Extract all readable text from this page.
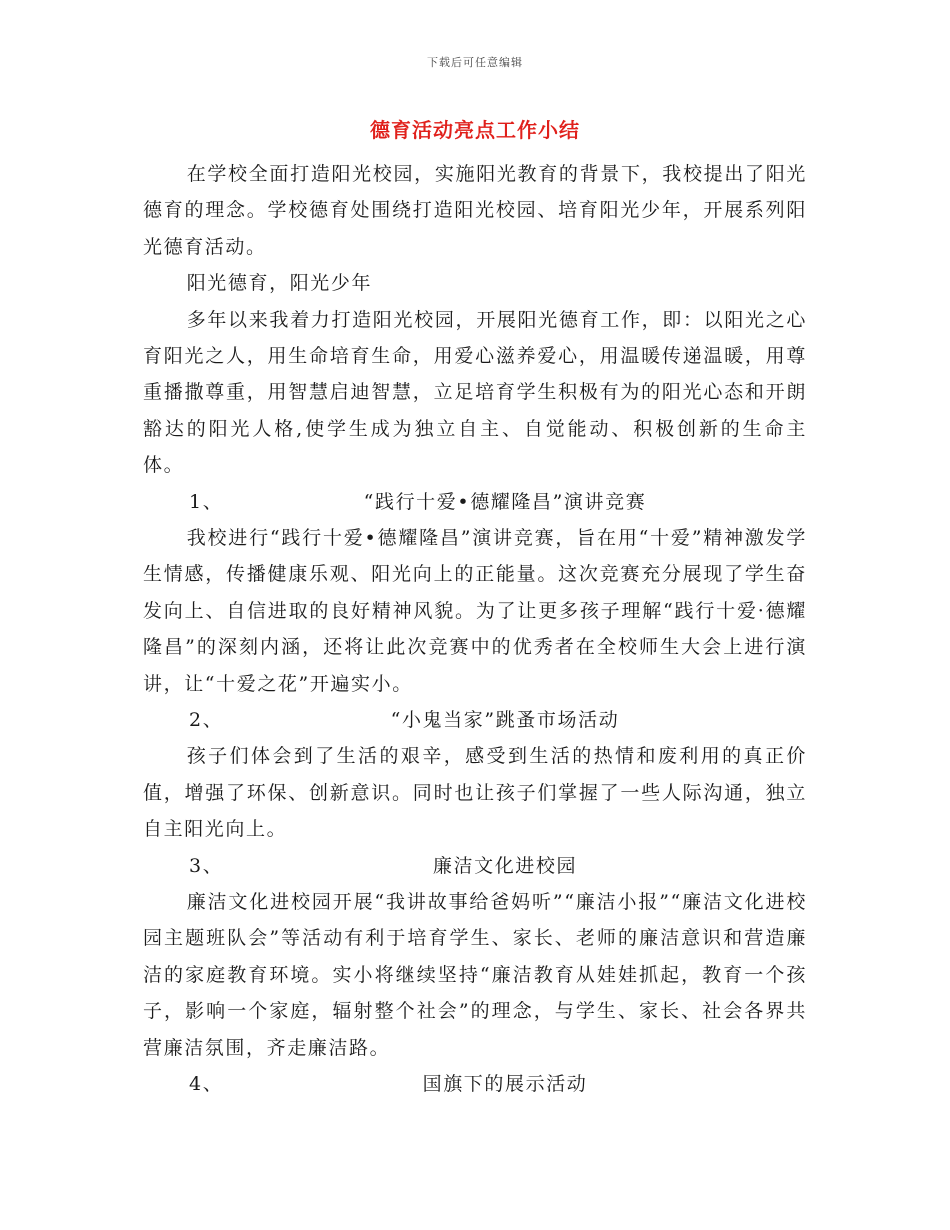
下载后可任意编辑
德育活动亮点工作小结

在学校全面打造阳光校园，实施阳光教育的背景下，我校提出了阳光德育的理念。学校德育处围绕打造阳光校园、培育阳光少年，开展系列阳光德育活动。

阳光德育，阳光少年

多年以来我着力打造阳光校园，开展阳光德育工作，即：以阳光之心育阳光之人，用生命培育生命，用爱心滋养爱心，用温暖传递温暖，用尊重播撒尊重，用智慧启迪智慧，立足培育学生积极有为的阳光心态和开朗豁达的阳光人格,使学生成为独立自主、自觉能动、积极创新的生命主体。

1、	“践行十爱•德耀隆昌”演讲竞赛

我校进行“践行十爱•德耀隆昌”演讲竞赛，旨在用“十爱”精神激发学生情感，传播健康乐观、阳光向上的正能量。这次竞赛充分展现了学生奋发向上、自信进取的良好精神风貌。为了让更多孩子理解“践行十爱·德耀隆昌”的深刻内涵，还将让此次竞赛中的优秀者在全校师生大会上进行演讲，让“十爱之花”开遍实小。

2、	“小鬼当家”跳蚤市场活动

孩子们体会到了生活的艰辛，感受到生活的热情和废利用的真正价值，增强了环保、创新意识。同时也让孩子们掌握了一些人际沟通，独立自主阳光向上。

3、	廉洁文化进校园

廉洁文化进校园开展“我讲故事给爸妈听”“廉洁小报”“廉洁文化进校园主题班队会”等活动有利于培育学生、家长、老师的廉洁意识和营造廉洁的家庭教育环境。实小将继续坚持“廉洁教育从娃娃抓起，教育一个孩子，影响一个家庭，辐射整个社会”的理念，与学生、家长、社会各界共营廉洁氛围，齐走廉洁路。

4、	国旗下的展示活动
